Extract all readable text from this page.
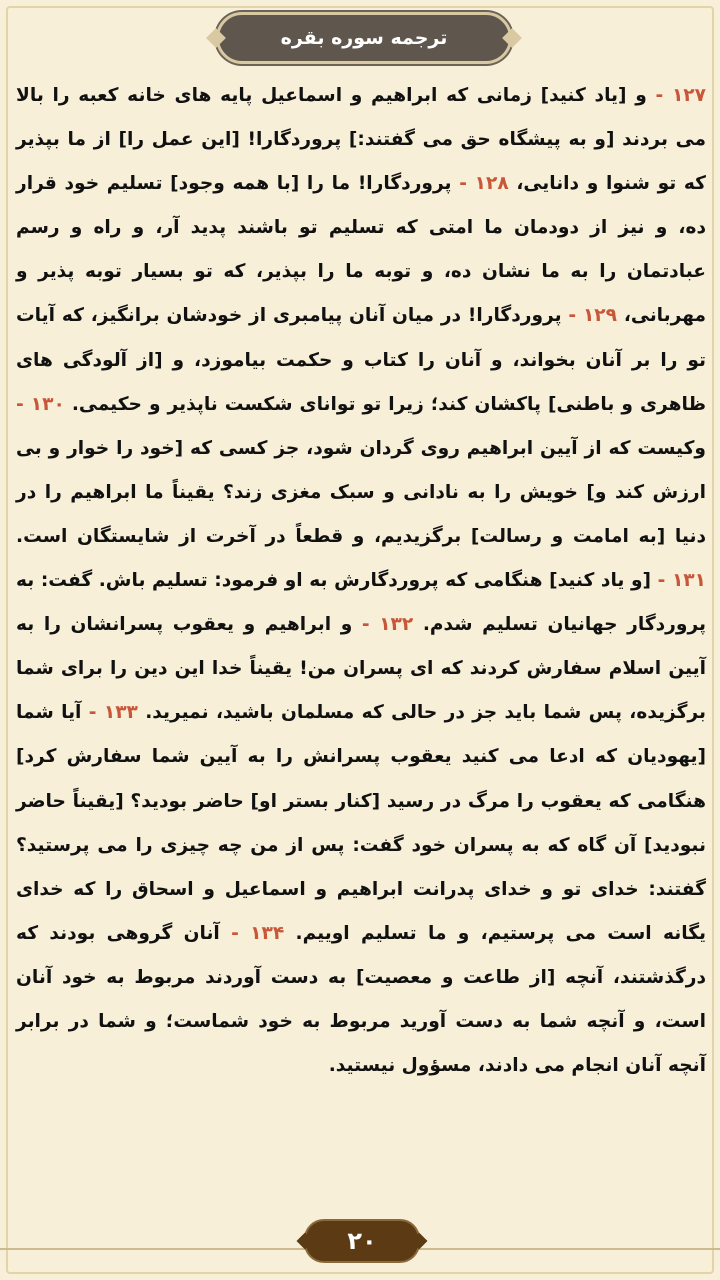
ترجمه سوره بقره
۱۲۷ - و [یاد کنید] زمانی که ابراهیم و اسماعیل پایه های خانه کعبه را بالا می بردند [و به پیشگاه حق می گفتند:] پروردگارا! [این عمل را] از ما بپذیر که تو شنوا و دانایی، ۱۲۸ - پروردگارا! ما را [با همه وجود] تسلیم خود قرار ده، و نیز از دودمان ما امتی که تسلیم تو باشند پدید آر، و راه و رسم عبادتمان را به ما نشان ده، و توبه ما را بپذیر، که تو بسیار توبه پذیر و مهربانی، ۱۲۹ - پروردگارا! در میان آنان پیامبری از خودشان برانگیز، که آیات تو را بر آنان بخواند، و آنان را کتاب و حکمت بیاموزد، و [از آلودگی های ظاهری و باطنی] پاکشان کند؛ زیرا تو توانای شکست ناپذیر و حکیمی. ۱۳۰ - وکیست که از آیین ابراهیم روی گردان شود، جز کسی که [خود را خوار و بی ارزش کند و] خویش را به نادانی و سبک مغزی زند؟ یقیناً ما ابراهیم را در دنیا [به امامت و رسالت] برگزیدیم، و قطعاً در آخرت از شایستگان است. ۱۳۱ - [و یاد کنید] هنگامی که پروردگارش به او فرمود: تسلیم باش. گفت: به پروردگار جهانیان تسلیم شدم. ۱۳۲ - و ابراهیم و یعقوب پسرانشان را به آیین اسلام سفارش کردند که ای پسران من! یقیناً خدا این دین را برای شما برگزیده، پس شما باید جز در حالی که مسلمان باشید، نمیرید. ۱۳۳ - آیا شما [یهودیان که ادعا می کنید یعقوب پسرانش را به آیین شما سفارش کرد] هنگامی که یعقوب را مرگ در رسید [کنار بستر او] حاضر بودید؟ [یقیناً حاضر نبودید] آن گاه که به پسران خود گفت: پس از من چه چیزی را می پرستید؟ گفتند: خدای تو و خدای پدرانت ابراهیم و اسماعیل و اسحاق را که خدای یگانه است می پرستیم، و ما تسلیم اوییم. ۱۳۴ - آنان گروهی بودند که درگذشتند، آنچه [از طاعت و معصیت] به دست آوردند مربوط به خود آنان است، و آنچه شما به دست آورید مربوط به خود شماست؛ و شما در برابر آنچه آنان انجام می دادند، مسؤول نیستید.
۲۰
